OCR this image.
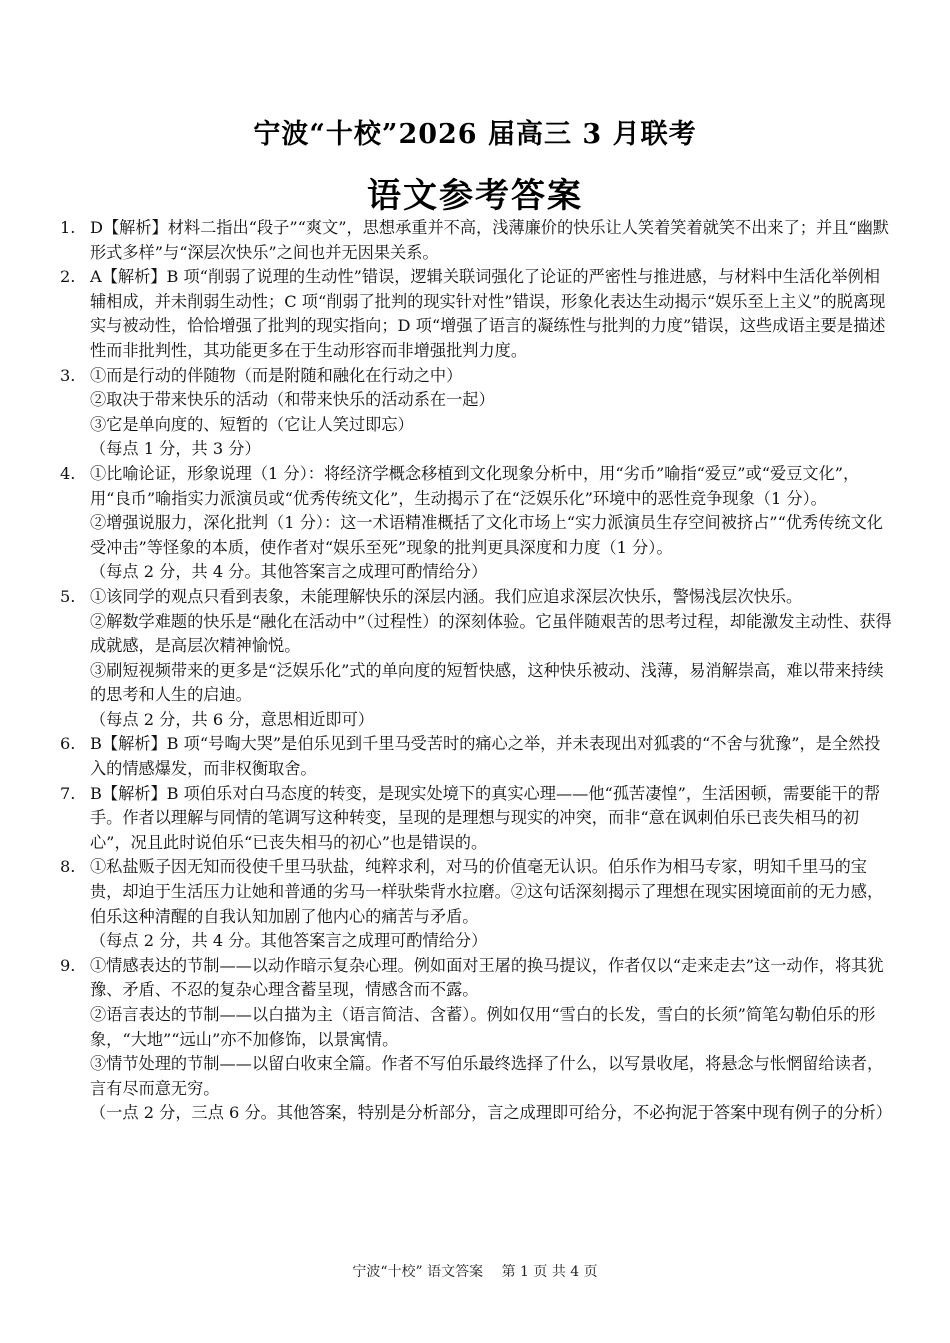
宁波“十校”2026 届高三 3 月联考
语文参考答案
1. D【解析】材料二指出“段子”“爽文”，思想承重并不高，浅薄廉价的快乐让人笑着笑着就笑不出来了；并且“幽默形式多样”与“深层次快乐”之间也并无因果关系。
2. A【解析】B 项“削弱了说理的生动性”错误，逻辑关联词强化了论证的严密性与推进感，与材料中生活化举例相辅相成，并未削弱生动性；C 项“削弱了批判的现实针对性”错误，形象化表达生动揭示“娱乐至上主义”的脱离现实与被动性，恰恰增强了批判的现实指向；D 项“增强了语言的凝练性与批判的力度”错误，这些成语主要是描述性而非批判性，其功能更多在于生动形容而非增强批判力度。
3. ①而是行动的伴随物（而是附随和融化在行动之中）
②取决于带来快乐的活动（和带来快乐的活动系在一起）
③它是单向度的、短暂的（它让人笑过即忘）
（每点 1 分，共 3 分）
4. ①比喻论证，形象说理（1 分）：将经济学概念移植到文化现象分析中，用“劣币”喻指“爱豆”或“爱豆文化”，用“良币”喻指实力派演员或“优秀传统文化”，生动揭示了在“泛娱乐化”环境中的恶性竞争现象（1 分）。
②增强说服力，深化批判（1 分）：这一术语精准概括了文化市场上“实力派演员生存空间被挤占”“优秀传统文化受冲击”等怪象的本质，使作者对“娱乐至死”现象的批判更具深度和力度（1 分）。
（每点 2 分，共 4 分。其他答案言之成理可酌情给分）
5. ①该同学的观点只看到表象，未能理解快乐的深层内涵。我们应追求深层次快乐，警惕浅层次快乐。
②解数学难题的快乐是“融化在活动中”（过程性）的深刻体验。它虽伴随艰苦的思考过程，却能激发主动性、获得成就感，是高层次精神愉悦。
③刷短视频带来的更多是“泛娱乐化”式的单向度的短暂快感，这种快乐被动、浅薄，易消解崇高，难以带来持续的思考和人生的启迪。
（每点 2 分，共 6 分，意思相近即可）
6. B【解析】B 项“号啕大哭”是伯乐见到千里马受苦时的痛心之举，并未表现出对狐裘的“不舍与犹豫”，是全然投入的情感爆发，而非权衡取舍。
7. B【解析】B 项伯乐对白马态度的转变，是现实处境下的真实心理——他“孤苦凄惶”，生活困顿，需要能干的帮手。作者以理解与同情的笔调写这种转变，呈现的是理想与现实的冲突，而非“意在讽刺伯乐已丧失相马的初心”，况且此时说伯乐“已丧失相马的初心”也是错误的。
8. ①私盐贩子因无知而役使千里马驮盐，纯粹求利，对马的价值毫无认识。伯乐作为相马专家，明知千里马的宝贵，却迫于生活压力让她和普通的劣马一样驮柴背水拉磨。②这句话深刻揭示了理想在现实困境面前的无力感，伯乐这种清醒的自我认知加剧了他内心的痛苦与矛盾。
（每点 2 分，共 4 分。其他答案言之成理可酌情给分）
9. ①情感表达的节制——以动作暗示复杂心理。例如面对王屠的换马提议，作者仅以“走来走去”这一动作，将其犹豫、矛盾、不忍的复杂心理含蓄呈现，情感含而不露。
②语言表达的节制——以白描为主（语言简洁、含蓄）。例如仅用“雪白的长发，雪白的长须”简笔勾勒伯乐的形象，“大地”“远山”亦不加修饰，以景寓情。
③情节处理的节制——以留白收束全篇。作者不写伯乐最终选择了什么，以写景收尾，将悬念与怅惘留给读者，言有尽而意无穷。
（一点 2 分，三点 6 分。其他答案，特别是分析部分，言之成理即可给分，不必拘泥于答案中现有例子的分析）
宁波“十校” 语文答案　 第 1 页 共 4 页
